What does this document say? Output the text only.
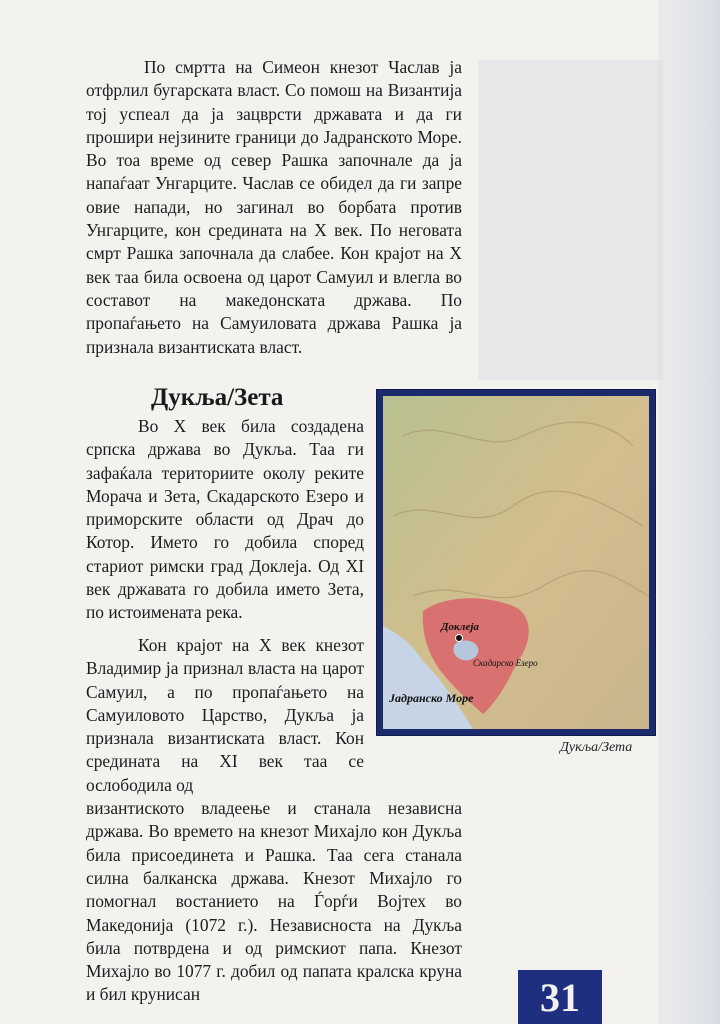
По смртта на Симеон кнезот Часлав ја отфрлил бугарската власт. Со помош на Византија тој успеал да ја зацврсти државата и да ги прошири нејзините граници до Јадранското Море. Во тоа време од север Рашка започнале да ја напаѓаат Унгарците. Часлав се обидел да ги запре овие напади, но загинал во борбата против Унгарците, кон средината на X век. По неговата смрт Рашка започнала да слабее. Кон крајот на X век таа била освоена од царот Самуил и влегла во составот на македонската држава. По пропаѓањето на Самуиловата држава Рашка ја признала византиската власт.

Дукља/Зета

Во X век била создадена српска држава во Дукља. Таа ги зафаќала териториите околу реките Морача и Зета, Скадарското Езеро и приморските области од Драч до Котор. Името го добила според стариот римски град Доклеја. Од XI век државата го добила името Зета, по истоимената река.

Кон крајот на X век кнезот Владимир ја признал власта на царот Самуил, а по пропаѓањето на Самуиловото Царство, Дукља ја признала византиската власт. Кон средината на XI век таа се ослободила од

византиското владеење и станала независна држава. Во времето на кнезот Михајло кон Дукља била присоединета и Рашка. Таа сега станала силна балканска држава. Кнезот Михајло го помогнал востанието на Ѓорѓи Војтех во Македонија (1072 г.). Независноста на Дукља била потврдена и од римскиот папа. Кнезот Михајло во 1077 г. добил од папата кралска круна и бил крунисан

Доклеја
Скадарско Езеро
Јадранско Море
Дукља/Зета
31
